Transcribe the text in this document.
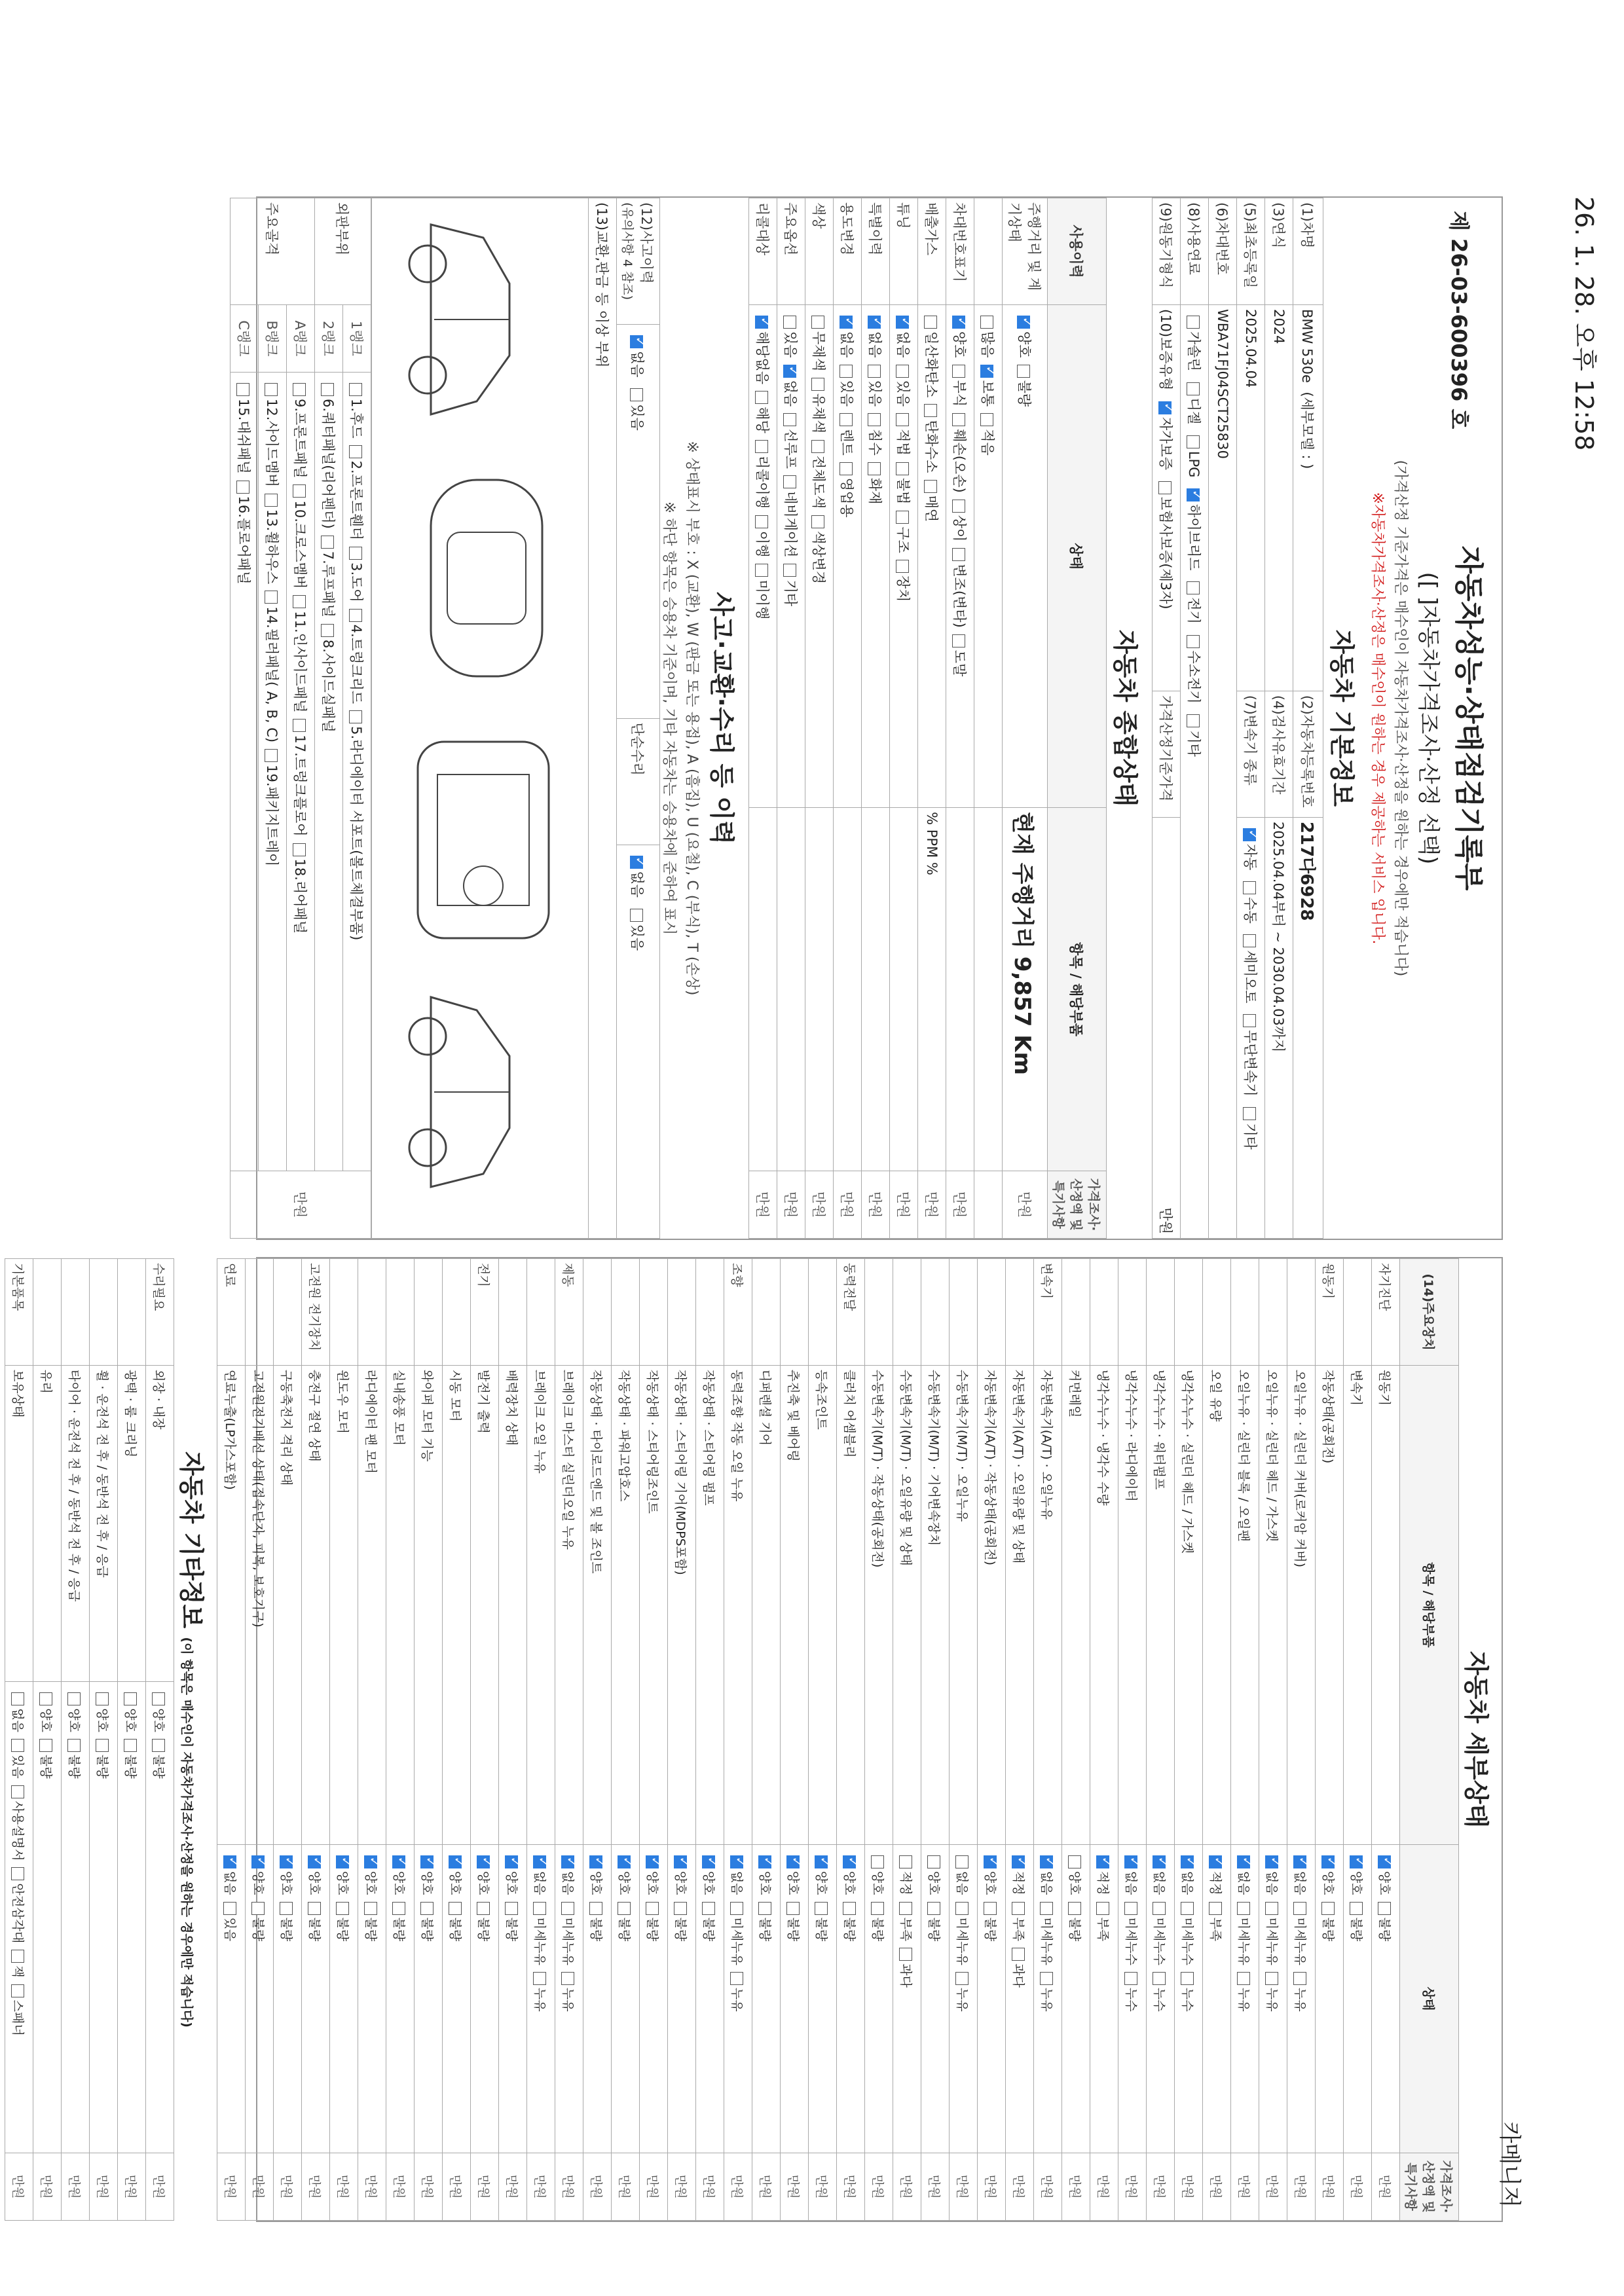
26. 1. 28. 오후 12:58
제 26-03-600396 호
자동차성능·상태점검기록부
([ ]자동차가격조사·산정 선택)
(가격산정 기준가격은 매수인이 자동차가격조사·산정을 원하는 경우에만 적습니다)
※자동차가격조사·산정은 매수인이 원하는 경우 제공하는 서비스 입니다.
자동차 기본정보
(1)차명	BMW 530e  (세부모델 : )	(2)자동차등록번호	217다6928
(3)연식	2024	(4)검사유효기간	2025.04.04부터 ~ 2030.04.03까지
(5)최초등록일	2025.04.04	(7)변속기 종류	✓자동 수동 세미오토 무단변속기 기타
(6)차대번호	WBA71FJ04SCT25830		
(8)사용연료	가솔린 디젤 LPG ✓하이브리드 전기 수소전기 기타
(9)원동기형식	(10)보증유형 ✓자가보증 보험사보증(제3자)	가격산정기준가격	만원
자동차 종합상태
사용이력	상태	항목 / 해당부품	가격조사·산정액 및 특기사항
주행거리 및 계기상태	✓양호불량	현재 주행거리 9,857 Km	만원
	많음✓보통적음		
차대번호표기	✓양호부식훼손(오손)상이변조(변타)도말		만원
배출가스	일산화탄소탄화수소매연	% PPM %	만원
튜닝	✓없음있음적법불법구조장치		만원
특별이력	✓없음있음침수화재		만원
용도변경	✓없음있음렌트영업용		만원
색상	무채색유채색전체도색색상변경		만원
주요옵션	있음✓없음선루프네비게이션기타		만원
리콜대상	✓해당없음해당리콜이행이행미이행		만원
사고·교환·수리 등 이력
※ 상태표시 부호 : X (교환), W (판금 또는 용접), A (흠집), U (요철), C (부식), T (손상)
※ 하단 항목은 승용차 기준이며, 기타 자동차는 승용차에 준하여 표시
(12)사고이력
(유의사항 4 참조)	✓없음 있음	단순수리	✓없음 있음
(13)교환,판금 등 이상 부위
외판부위	1랭크	1.후드2.프론트휀더3.도어4.트렁크리드5.라디에이터 서포트(볼트체결부품)	만원
	2랭크	6.쿼터패널(리어펜더)7.루프패널8.사이드실패널	
주요골격	A랭크	9.프론트패널10.크로스멤버11.인사이드패널17.트렁크플로어18.리어패널	
	B랭크	12.사이드멤버13.휠하우스14.필러패널( A, B, C)19.패키지트레이	
	C랭크	15.대쉬패널16.플로어패널	
카메니저
자동차 세부상태
(14)주요장치	항목 / 해당부품	상태	가격조사·산정액 및 특기사항
자기진단	원동기	✓양호불량	만원
	변속기	✓양호불량	만원
원동기	작동상태(공회전)	✓양호불량	만원
	오일누유 · 실린더 커버(로커암 커버)	✓없음미세누유누유	만원
	오일누유 · 실린더 헤드 / 가스켓	✓없음미세누유누유	만원
	오일누유 · 실린더 블록 / 오일팬	✓없음미세누유누유	만원
	오일 유량	✓적정부족	만원
	냉각수누수 · 실린더 헤드 / 가스켓	✓없음미세누수누수	만원
	냉각수누수 · 워터펌프	✓없음미세누수누수	만원
	냉각수누수 · 라디에이터	✓없음미세누수누수	만원
	냉각수누수 · 냉각수 수량	✓적정부족	만원
	커먼레일	양호불량	만원
변속기	자동변속기(A/T) · 오일누유	✓없음미세누유누유	만원
	자동변속기(A/T) · 오일유량 및 상태	✓적정부족과다	만원
	자동변속기(A/T) · 작동상태(공회전)	✓양호불량	만원
	수동변속기(M/T) · 오일누유	없음미세누유누유	만원
	수동변속기(M/T) · 기어변속장치	양호불량	만원
	수동변속기(M/T) · 오일유량 및 상태	적정부족과다	만원
	수동변속기(M/T) · 작동상태(공회전)	양호불량	만원
동력전달	클러치 어셈블리	✓양호불량	만원
	등속조인트	✓양호불량	만원
	추진축 및 베어링	✓양호불량	만원
	디퍼렌셜 기어	✓양호불량	만원
조향	동력조향 작동 오일 누유	✓없음미세누유누유	만원
	작동상태 · 스티어링 펌프	✓양호불량	만원
	작동상태 · 스티어링 기어(MDPS포함)	✓양호불량	만원
	작동상태 · 스티어링조인트	✓양호불량	만원
	작동상태 · 파워고압호스	✓양호불량	만원
	작동상태 · 타이로드엔드 및 볼 조인트	✓양호불량	만원
제동	브레이크 마스터 실린더오일 누유	✓없음미세누유누유	만원
	브레이크 오일 누유	✓없음미세누유누유	만원
	배력장치 상태	✓양호불량	만원
전기	발전기 출력	✓양호불량	만원
	시동 모터	✓양호불량	만원
	와이퍼 모터 기능	✓양호불량	만원
	실내송풍 모터	✓양호불량	만원
	라디에이터 팬 모터	✓양호불량	만원
	윈도우 모터	✓양호불량	만원
고전원 전기장치	충전구 절연 상태	✓양호불량	만원
	구동축전지 격리 상태	✓양호불량	만원
	고전원전기배선 상태(접속단자, 피복, 보호기구)	✓양호불량	만원
연료	연료누출(LP가스포함)	✓없음있음	만원
자동차 기타정보 (이 항목은 매수인이 자동차가격조사·산정을 원하는 경우에만 적습니다)
수리필요	외장 · 내장	양호불량	만원
	광택 · 룸 크리닝	양호불량	만원
	휠 · 운전석 전 후 / 동반석 전 후 / 응급	양호불량	만원
	타이어 · 운전석 전 후 / 동반석 전 후 / 응급	양호불량	만원
	유리	양호불량	만원
기본품목	보유상태	없음있음사용설명서안전삼각대잭스패너	만원
